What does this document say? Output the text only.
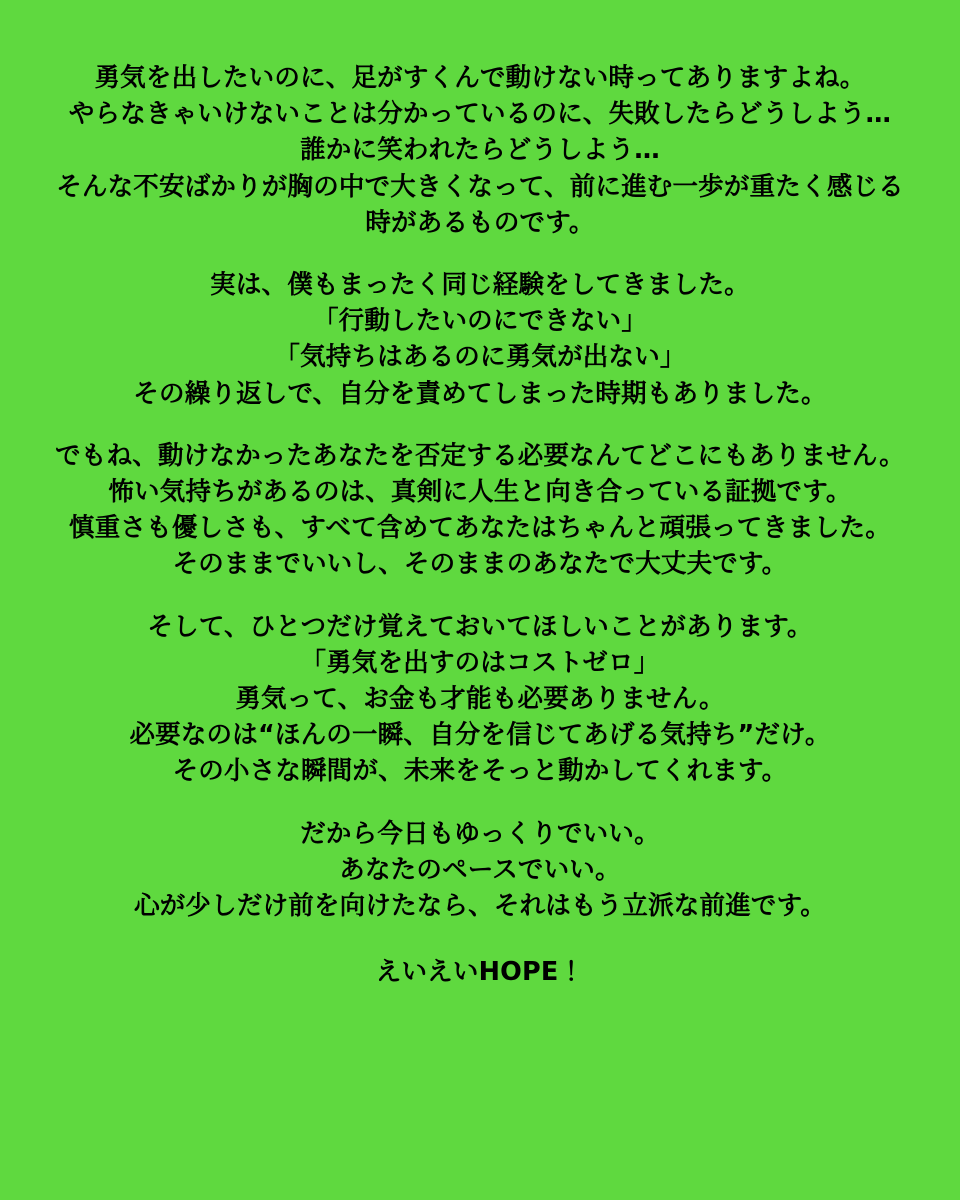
勇気を出したいのに、足がすくんで動けない時ってありますよね。
やらなきゃいけないことは分かっているのに、失敗したらどうしよう…
誰かに笑われたらどうしよう…
そんな不安ばかりが胸の中で大きくなって、前に進む一歩が重たく感じる
時があるものです。
実は、僕もまったく同じ経験をしてきました。
「行動したいのにできない」
「気持ちはあるのに勇気が出ない」
その繰り返しで、自分を責めてしまった時期もありました。
でもね、動けなかったあなたを否定する必要なんてどこにもありません。
怖い気持ちがあるのは、真剣に人生と向き合っている証拠です。
慎重さも優しさも、すべて含めてあなたはちゃんと頑張ってきました。
そのままでいいし、そのままのあなたで大丈夫です。
そして、ひとつだけ覚えておいてほしいことがあります。
「勇気を出すのはコストゼロ」
勇気って、お金も才能も必要ありません。
必要なのは“ほんの一瞬、自分を信じてあげる気持ち”だけ。
その小さな瞬間が、未来をそっと動かしてくれます。
だから今日もゆっくりでいい。
あなたのペースでいい。
心が少しだけ前を向けたなら、それはもう立派な前進です。
えいえいHOPE！
